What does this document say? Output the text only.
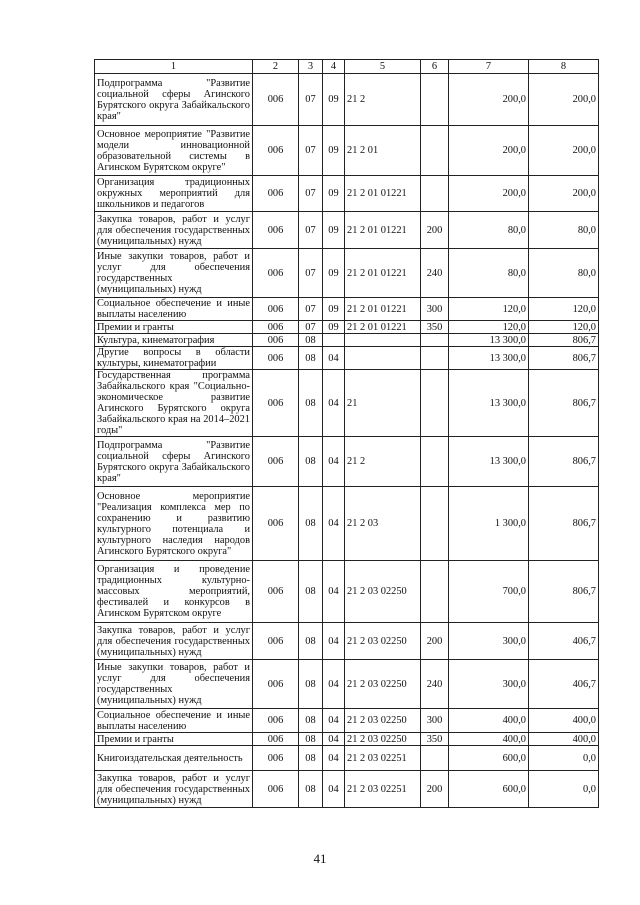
1	2	3	4	5	6	7	8
Подпрограмма "Развитие социальной сферы Агинского Бурятского округа Забайкальского края"	006	07	09	21 2		200,0	200,0
Основное мероприятие "Развитие модели инновационной образовательной системы в Агинском Бурятском округе"	006	07	09	21 2 01		200,0	200,0
Организация традиционных окружных мероприятий для школьников и педагогов	006	07	09	21 2 01 01221		200,0	200,0
Закупка товаров, работ и услуг для обеспечения государственных (муниципальных) нужд	006	07	09	21 2 01 01221	200	80,0	80,0
Иные закупки товаров, работ и услуг для обеспечения государственных (муниципальных) нужд	006	07	09	21 2 01 01221	240	80,0	80,0
Социальное обеспечение и иные выплаты населению	006	07	09	21 2 01 01221	300	120,0	120,0
Премии и гранты	006	07	09	21 2 01 01221	350	120,0	120,0
Культура, кинематография	006	08				13 300,0	806,7
Другие вопросы в области культуры, кинематографии	006	08	04			13 300,0	806,7
Государственная программа Забайкальского края "Социально-экономическое развитие Агинского Бурятского округа Забайкальского края на 2014–2021 годы"	006	08	04	21		13 300,0	806,7
Подпрограмма "Развитие социальной сферы Агинского Бурятского округа Забайкальского края"	006	08	04	21 2		13 300,0	806,7
Основное мероприятие "Реализация комплекса мер по сохранению и развитию культурного потенциала и культурного наследия народов Агинского Бурятского округа"	006	08	04	21 2 03		1 300,0	806,7
Организация и проведение традиционных культурно-массовых мероприятий, фестивалей и конкурсов в Агинском Бурятском округе	006	08	04	21 2 03 02250		700,0	806,7
Закупка товаров, работ и услуг для обеспечения государственных (муниципальных) нужд	006	08	04	21 2 03 02250	200	300,0	406,7
Иные закупки товаров, работ и услуг для обеспечения государственных (муниципальных) нужд	006	08	04	21 2 03 02250	240	300,0	406,7
Социальное обеспечение и иные выплаты населению	006	08	04	21 2 03 02250	300	400,0	400,0
Премии и гранты	006	08	04	21 2 03 02250	350	400,0	400,0
Книгоиздательская деятельность	006	08	04	21 2 03 02251		600,0	0,0
Закупка товаров, работ и услуг для обеспечения государственных (муниципальных) нужд	006	08	04	21 2 03 02251	200	600,0	0,0
41
